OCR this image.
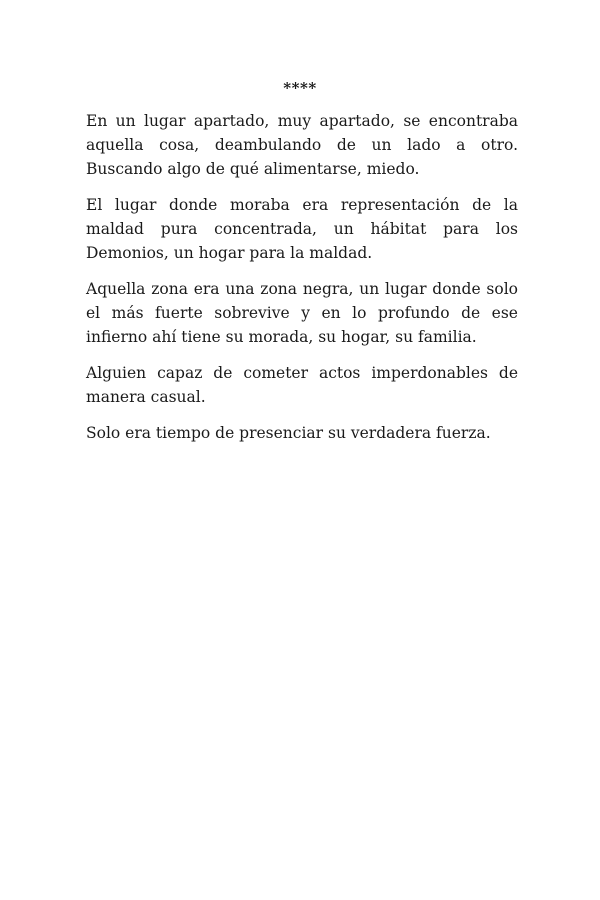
****

En un lugar apartado, muy apartado, se encontraba aquella cosa, deambulando de un lado a otro. Buscando algo de qué alimentarse, miedo.

El lugar donde moraba era representación de la maldad pura concentrada, un hábitat para los Demonios, un hogar para la maldad.

Aquella zona era una zona negra, un lugar donde solo el más fuerte sobrevive y en lo profundo de ese infierno ahí tiene su morada, su hogar, su familia.

Alguien capaz de cometer actos imperdonables de manera casual.

Solo era tiempo de presenciar su verdadera fuerza.
